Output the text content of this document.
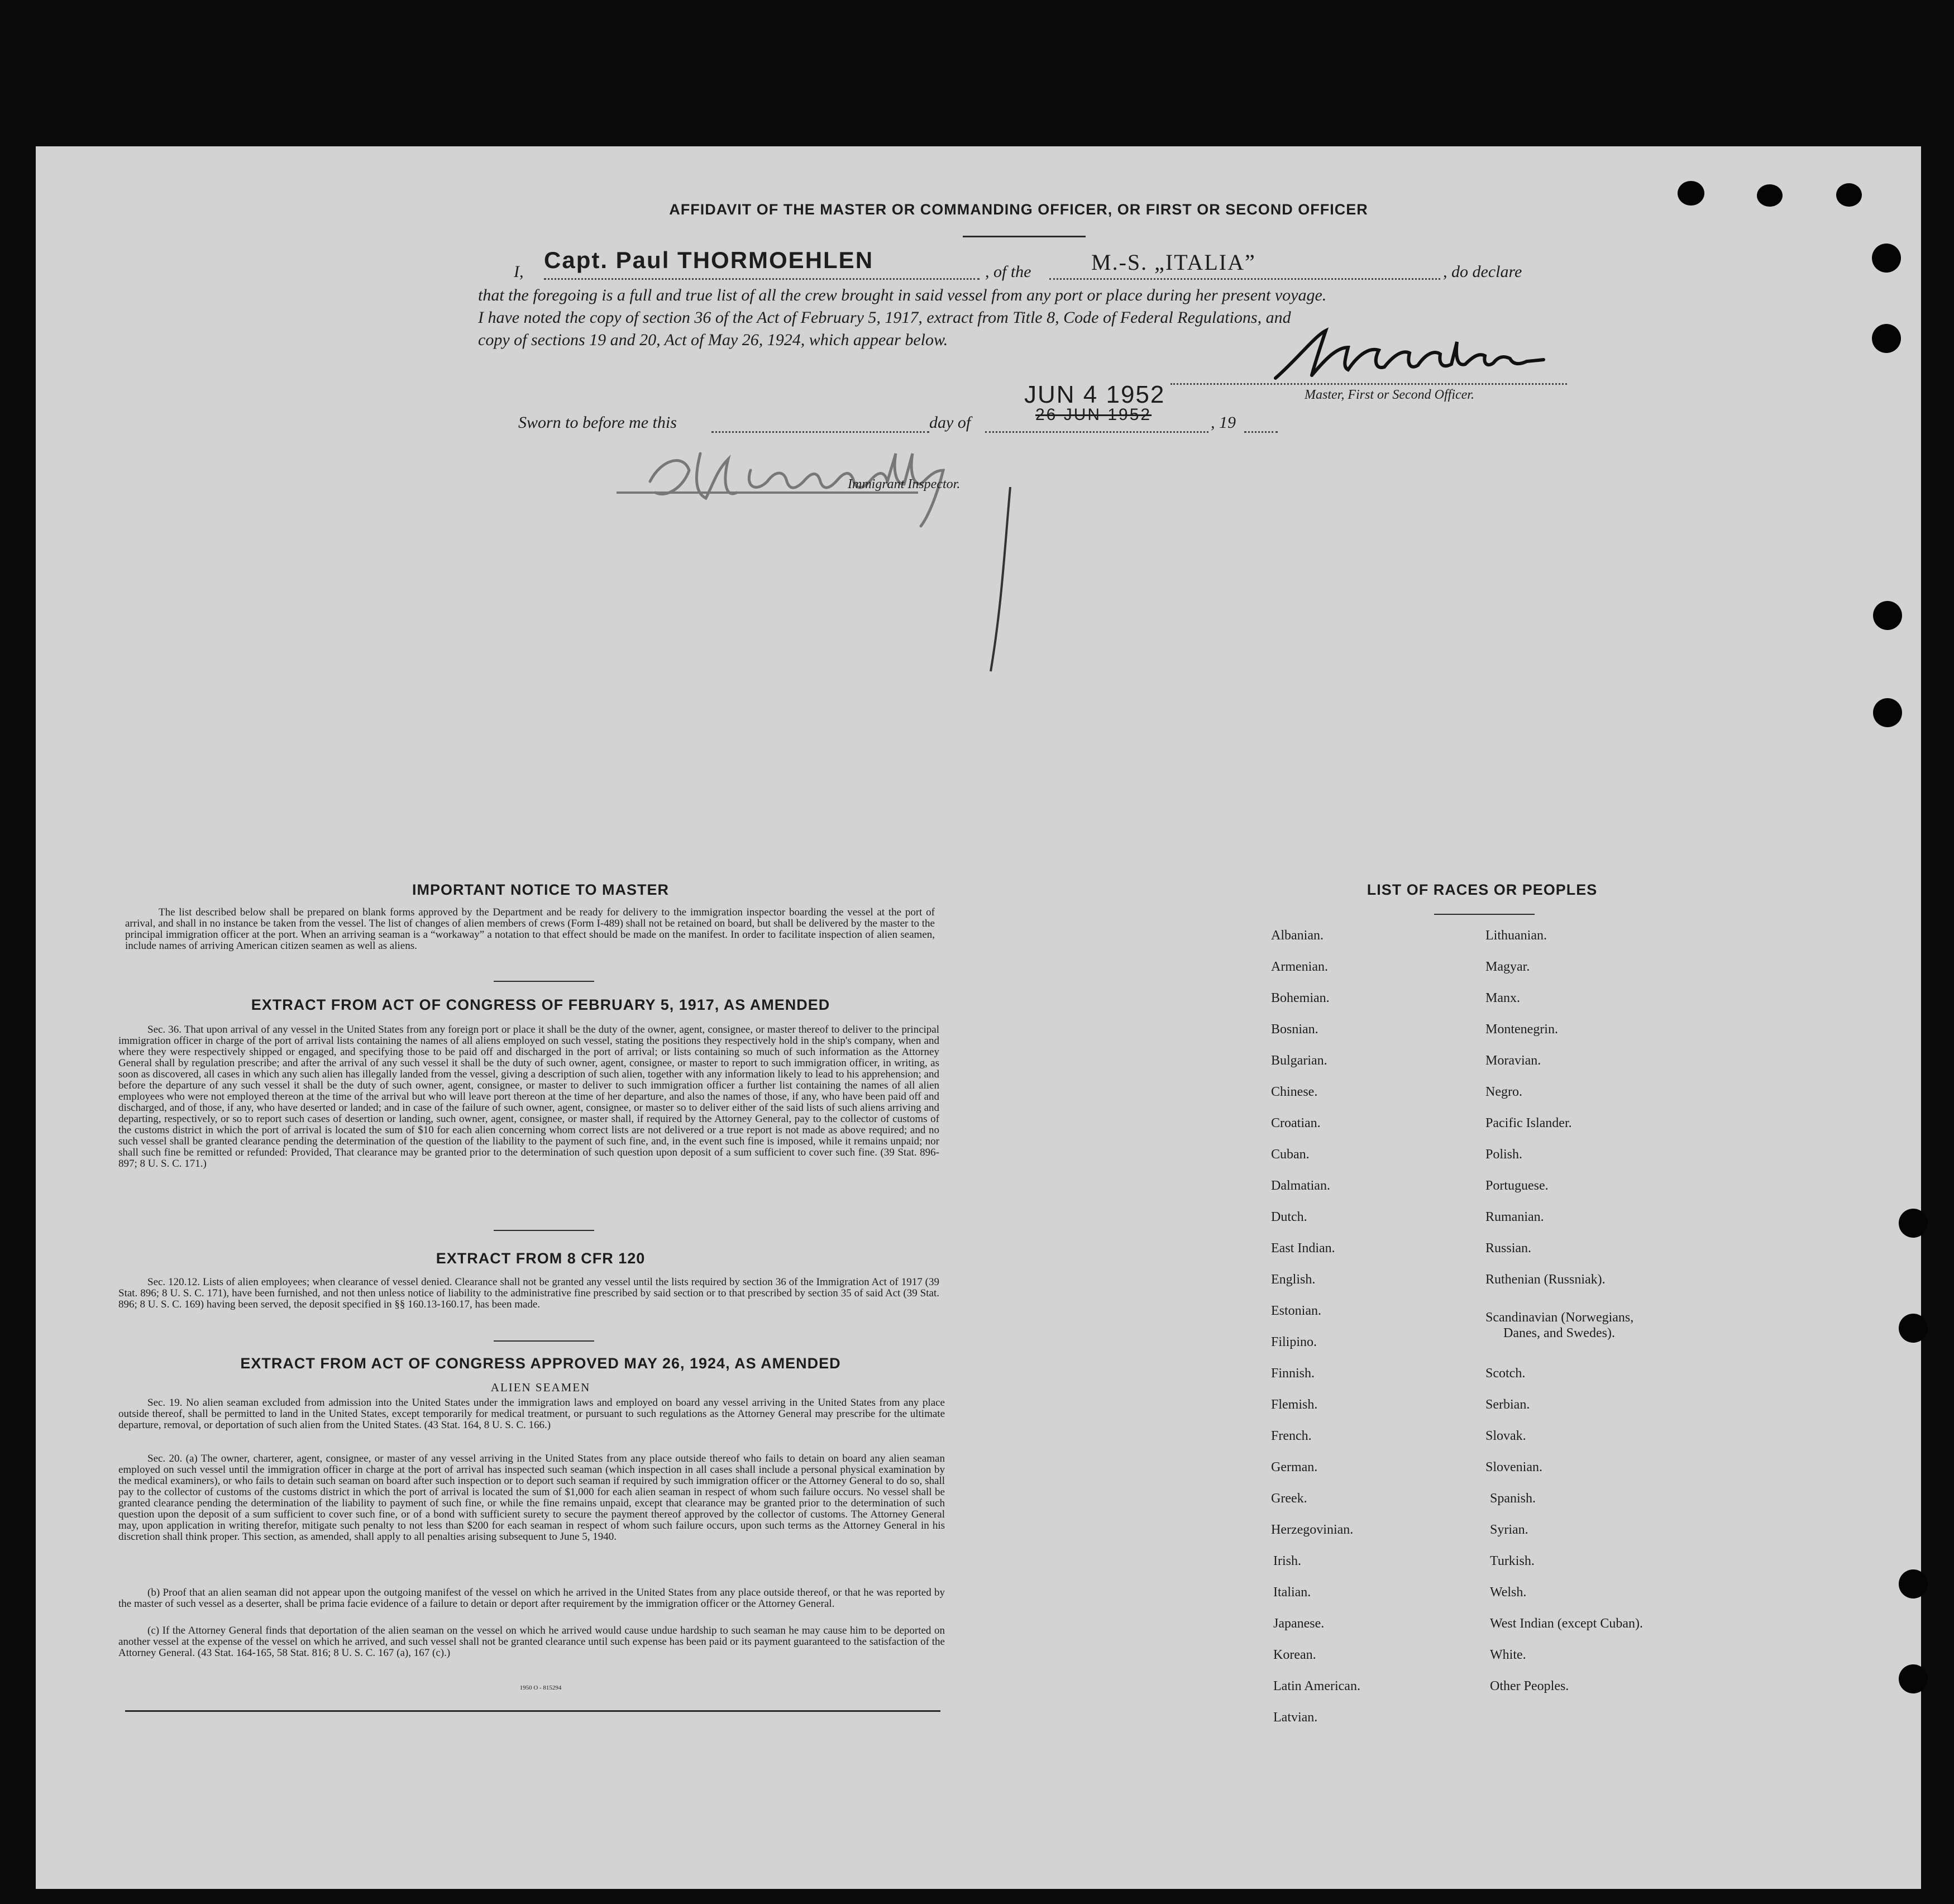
AFFIDAVIT OF THE MASTER OR COMMANDING OFFICER, OR FIRST OR SECOND OFFICER
I, Capt. Paul THORMOEHLEN	, of the	M.-S. „ITALIA”	, do declare
that the foregoing is a full and true list of all the crew brought in said vessel from any port or place during her present voyage.
I have noted the copy of section 36 of the Act of February 5, 1917, extract from Title 8, Code of Federal Regulations, and
copy of sections 19 and 20, Act of May 26, 1924, which appear below.
Master, First or Second Officer.
Sworn to before me this	day of
JUN 4 1952
26 JUN 1952	, 19
Immigrant Inspector.
IMPORTANT NOTICE TO MASTER
The list described below shall be prepared on blank forms approved by the Department and be ready for delivery to the immigration inspector boarding the vessel at the port of arrival, and shall in no instance be taken from the vessel. The list of changes of alien members of crews (Form I-489) shall not be retained on board, but shall be delivered by the master to the principal immigration officer at the port. When an arriving seaman is a “workaway” a notation to that effect should be made on the manifest. In order to facilitate inspection of alien seamen, include names of arriving American citizen seamen as well as aliens.
EXTRACT FROM ACT OF CONGRESS OF FEBRUARY 5, 1917, AS AMENDED
Sec. 36. That upon arrival of any vessel in the United States from any foreign port or place it shall be the duty of the owner, agent, consignee, or master thereof to deliver to the principal immigration officer in charge of the port of arrival lists containing the names of all aliens employed on such vessel, stating the positions they respectively hold in the ship's company, when and where they were respectively shipped or engaged, and specifying those to be paid off and discharged in the port of arrival; or lists containing so much of such information as the Attorney General shall by regulation prescribe; and after the arrival of any such vessel it shall be the duty of such owner, agent, consignee, or master to report to such immigration officer, in writing, as soon as discovered, all cases in which any such alien has illegally landed from the vessel, giving a description of such alien, together with any information likely to lead to his apprehension; and before the departure of any such vessel it shall be the duty of such owner, agent, consignee, or master to deliver to such immigration officer a further list containing the names of all alien employees who were not employed thereon at the time of the arrival but who will leave port thereon at the time of her departure, and also the names of those, if any, who have been paid off and discharged, and of those, if any, who have deserted or landed; and in case of the failure of such owner, agent, consignee, or master so to deliver either of the said lists of such aliens arriving and departing, respectively, or so to report such cases of desertion or landing, such owner, agent, consignee, or master shall, if required by the Attorney General, pay to the collector of customs of the customs district in which the port of arrival is located the sum of $10 for each alien concerning whom correct lists are not delivered or a true report is not made as above required; and no such vessel shall be granted clearance pending the determination of the question of the liability to the payment of such fine, and, in the event such fine is imposed, while it remains unpaid; nor shall such fine be remitted or refunded: Provided, That clearance may be granted prior to the determination of such question upon deposit of a sum sufficient to cover such fine. (39 Stat. 896-897; 8 U. S. C. 171.)
EXTRACT FROM 8 CFR 120
Sec. 120.12. Lists of alien employees; when clearance of vessel denied. Clearance shall not be granted any vessel until the lists required by section 36 of the Immigration Act of 1917 (39 Stat. 896; 8 U. S. C. 171), have been furnished, and not then unless notice of liability to the administrative fine prescribed by said section or to that prescribed by section 35 of said Act (39 Stat. 896; 8 U. S. C. 169) having been served, the deposit specified in §§ 160.13-160.17, has been made.
EXTRACT FROM ACT OF CONGRESS APPROVED MAY 26, 1924, AS AMENDED
ALIEN SEAMEN
Sec. 19. No alien seaman excluded from admission into the United States under the immigration laws and employed on board any vessel arriving in the United States from any place outside thereof, shall be permitted to land in the United States, except temporarily for medical treatment, or pursuant to such regulations as the Attorney General may prescribe for the ultimate departure, removal, or deportation of such alien from the United States. (43 Stat. 164, 8 U. S. C. 166.)
Sec. 20. (a) The owner, charterer, agent, consignee, or master of any vessel arriving in the United States from any place outside thereof who fails to detain on board any alien seaman employed on such vessel until the immigration officer in charge at the port of arrival has inspected such seaman (which inspection in all cases shall include a personal physical examination by the medical examiners), or who fails to detain such seaman on board after such inspection or to deport such seaman if required by such immigration officer or the Attorney General to do so, shall pay to the collector of customs of the customs district in which the port of arrival is located the sum of $1,000 for each alien seaman in respect of whom such failure occurs. No vessel shall be granted clearance pending the determination of the liability to payment of such fine, or while the fine remains unpaid, except that clearance may be granted prior to the determination of such question upon the deposit of a sum sufficient to cover such fine, or of a bond with sufficient surety to secure the payment thereof approved by the collector of customs. The Attorney General may, upon application in writing therefor, mitigate such penalty to not less than $200 for each seaman in respect of whom such failure occurs, upon such terms as the Attorney General in his discretion shall think proper. This section, as amended, shall apply to all penalties arising subsequent to June 5, 1940.
(b) Proof that an alien seaman did not appear upon the outgoing manifest of the vessel on which he arrived in the United States from any place outside thereof, or that he was reported by the master of such vessel as a deserter, shall be prima facie evidence of a failure to detain or deport after requirement by the immigration officer or the Attorney General.
(c) If the Attorney General finds that deportation of the alien seaman on the vessel on which he arrived would cause undue hardship to such seaman he may cause him to be deported on another vessel at the expense of the vessel on which he arrived, and such vessel shall not be granted clearance until such expense has been paid or its payment guaranteed to the satisfaction of the Attorney General. (43 Stat. 164-165, 58 Stat. 816; 8 U. S. C. 167 (a), 167 (c).)
1950 O - 815294
LIST OF RACES OR PEOPLES
Albanian.
Armenian.
Bohemian.
Bosnian.
Bulgarian.
Chinese.
Croatian.
Cuban.
Dalmatian.
Dutch.
East Indian.
English.
Estonian.
Filipino.
Finnish.
Flemish.
French.
German.
Greek.
Herzegovinian.
Irish.
Italian.
Japanese.
Korean.
Latin American.
Latvian.
Lithuanian.
Magyar.
Manx.
Montenegrin.
Moravian.
Negro.
Pacific Islander.
Polish.
Portuguese.
Rumanian.
Russian.
Ruthenian (Russniak).
Scandinavian (Norwegians,
Danes, and Swedes).
Scotch.
Serbian.
Slovak.
Slovenian.
Spanish.
Syrian.
Turkish.
Welsh.
West Indian (except Cuban).
White.
Other Peoples.
